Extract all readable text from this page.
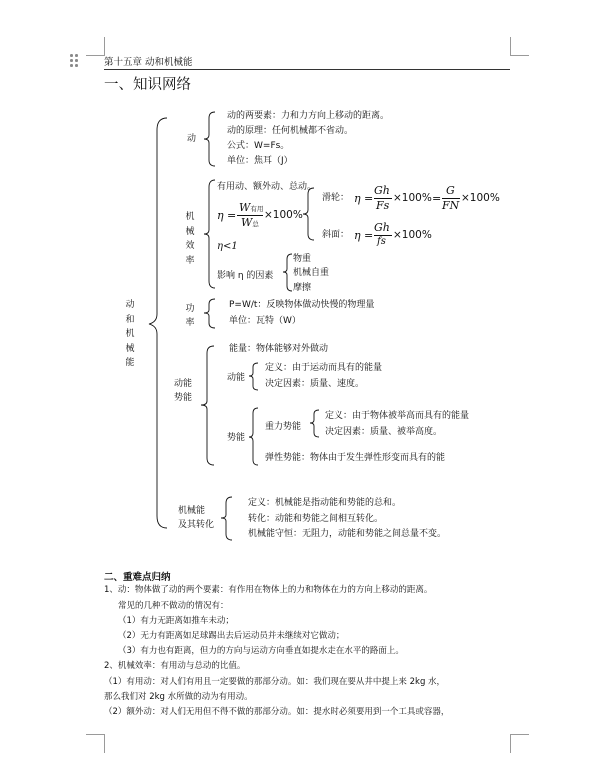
第十五章 动和机械能
一、知识网络
动
和
机
械
能
动
动的两要素：力和力方向上移动的距离。
动的原理：任何机械都不省动。
公式：W=Fs。
单位：焦耳（J）
机
械
效
率
有用动、额外动、总动。
η =
W有用
W总
×100%
滑轮： η =
Gh
Fs
×100% =
G
FN
×100%
斜面： η =
Gh
fs
×100%
η<1
影响 η 的因素
物重
机械自重
摩擦
功
率
P=W/t：反映物体做动快慢的物理量
单位：瓦特（W）
动能
势能
能量：物体能够对外做动
动能
定义：由于运动而具有的能量
决定因素：质量、速度。
势能
重力势能
定义：由于物体被举高而具有的能量
决定因素：质量、被举高度。
弹性势能：物体由于发生弹性形变而具有的能
机械能
及其转化
定义：机械能是指动能和势能的总和。
转化：动能和势能之间相互转化。
机械能守恒：无阻力，动能和势能之间总量不变。
二、重难点归纳
1、动：物体做了动的两个要素：有作用在物体上的力和物体在力的方向上移动的距离。
常见的几种不做动的情况有：
（1）有力无距离如推车未动；
（2）无力有距离如足球踢出去后运动员并未继续对它做动；
（3）有力也有距离，但力的方向与运动方向垂直如提水走在水平的路面上。
2、机械效率：有用动与总动的比值。
（1）有用动：对人们有用且一定要做的那部分动。如：我们现在要从井中提上来 2kg 水，
那么我们对 2kg 水所做的动为有用动。
（2）额外动：对人们无用但不得不做的那部分动。如：提水时必须要用到一个工具或容器，
